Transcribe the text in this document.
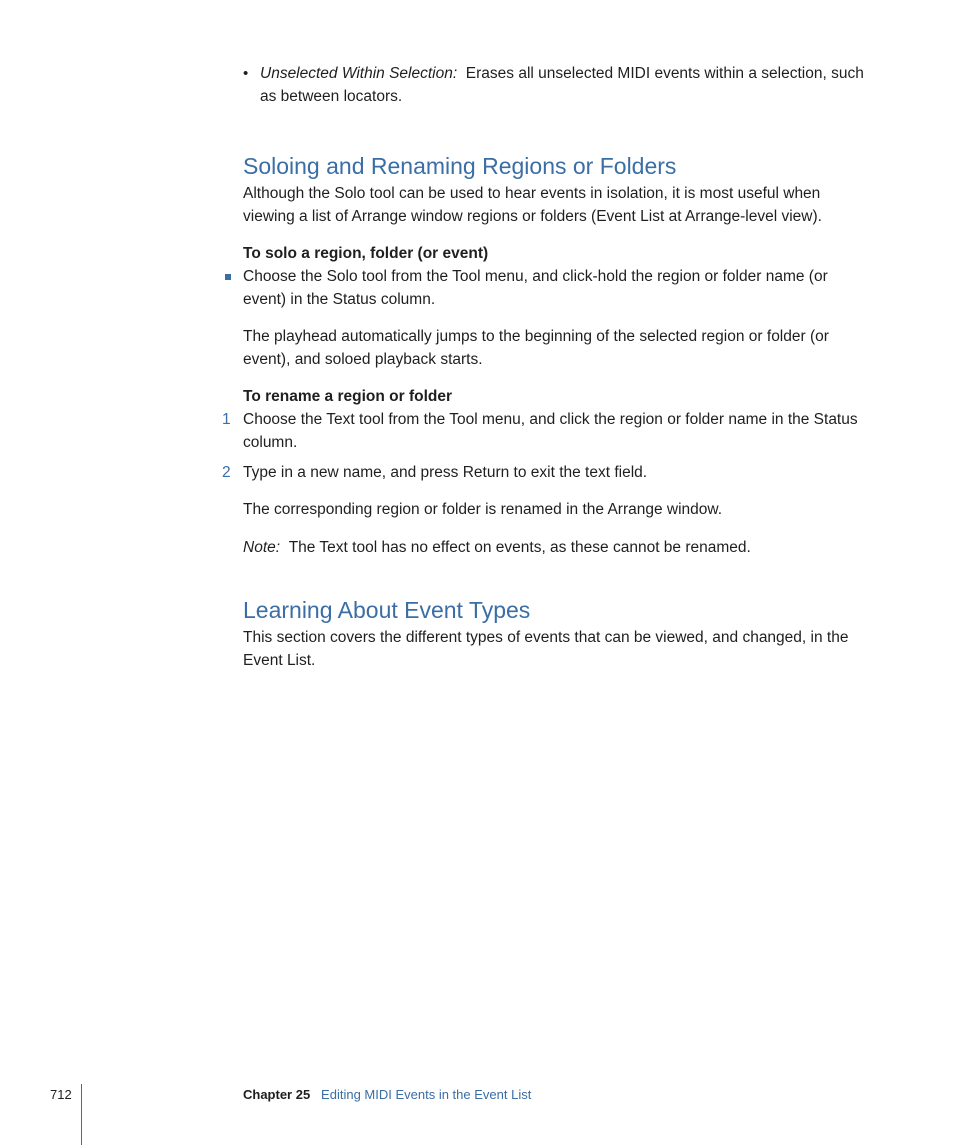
• Unselected Within Selection: Erases all unselected MIDI events within a selection, such as between locators.
Soloing and Renaming Regions or Folders
Although the Solo tool can be used to hear events in isolation, it is most useful when viewing a list of Arrange window regions or folders (Event List at Arrange-level view).
To solo a region, folder (or event)
Choose the Solo tool from the Tool menu, and click-hold the region or folder name (or event) in the Status column.
The playhead automatically jumps to the beginning of the selected region or folder (or event), and soloed playback starts.
To rename a region or folder
1 Choose the Text tool from the Tool menu, and click the region or folder name in the Status column.
2 Type in a new name, and press Return to exit the text field.
The corresponding region or folder is renamed in the Arrange window.
Note: The Text tool has no effect on events, as these cannot be renamed.
Learning About Event Types
This section covers the different types of events that can be viewed, and changed, in the Event List.
712	Chapter 25 Editing MIDI Events in the Event List
